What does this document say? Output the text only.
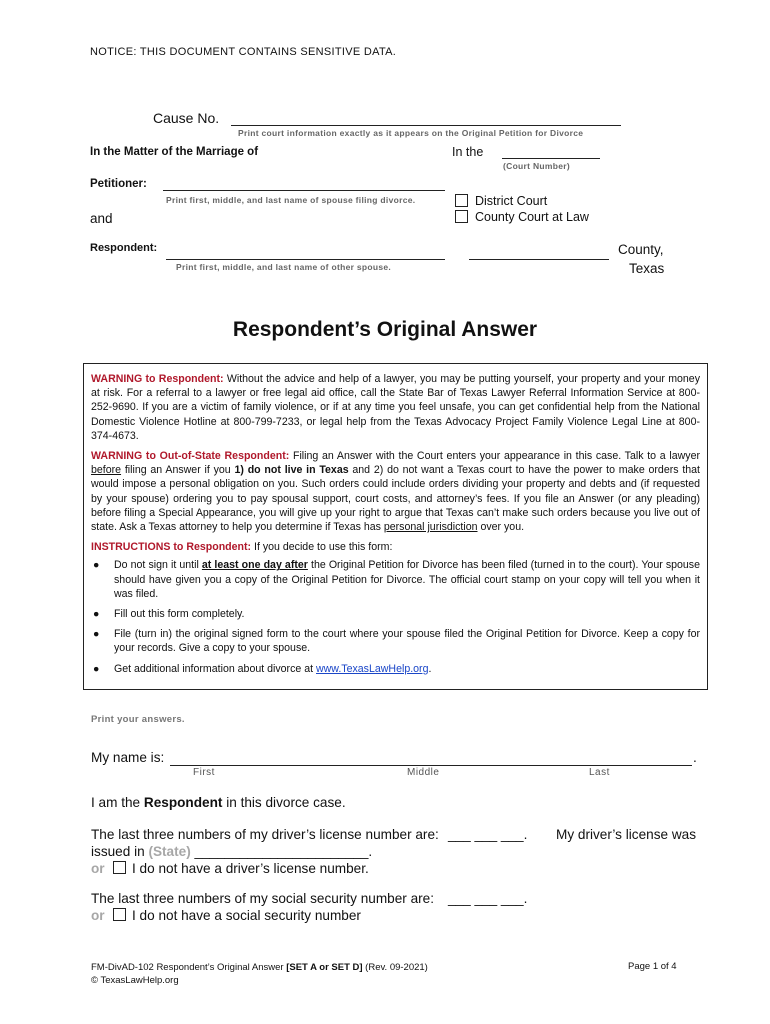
NOTICE: THIS DOCUMENT CONTAINS SENSITIVE DATA.
Cause No.
Print court information exactly as it appears on the Original Petition for Divorce
In the Matter of the Marriage of	In the
(Court Number)
Petitioner:
Print first, middle, and last name of spouse filing divorce.	District Court
County Court at Law
and
Respondent:
Print first, middle, and last name of other spouse.
County,
Texas
Respondent’s Original Answer

WARNING to Respondent: Without the advice and help of a lawyer, you may be putting yourself, your property and your money at risk. For a referral to a lawyer or free legal aid office, call the State Bar of Texas Lawyer Referral Information Service at 800-252-9690. If you are a victim of family violence, or if at any time you feel unsafe, you can get confidential help from the National Domestic Violence Hotline at 800-799-7233, or legal help from the Texas Advocacy Project Family Violence Legal Line at 800-374-4673.

WARNING to Out-of-State Respondent: Filing an Answer with the Court enters your appearance in this case. Talk to a lawyer before filing an Answer if you 1) do not live in Texas and 2) do not want a Texas court to have the power to make orders that would impose a personal obligation on you. Such orders could include orders dividing your property and debts and (if requested by your spouse) ordering you to pay spousal support, court costs, and attorney’s fees. If you file an Answer (or any pleading) before filing a Special Appearance, you will give up your right to argue that Texas can’t make such orders because you live out of state. Ask a Texas attorney to help you determine if Texas has personal jurisdiction over you.

INSTRUCTIONS to Respondent: If you decide to use this form:

● Do not sign it until at least one day after the Original Petition for Divorce has been filed (turned in to the court). Your spouse should have given you a copy of the Original Petition for Divorce. The official court stamp on your copy will tell you when it was filed.
● Fill out this form completely.
● File (turn in) the original signed form to the court where your spouse filed the Original Petition for Divorce. Keep a copy for your records. Give a copy to your spouse.
● Get additional information about divorce at www.TexasLawHelp.org.
Print your answers.
My name is:	.
First	Middle	Last
I am the Respondent in this divorce case.
The last three numbers of my driver’s license number are: ___ ___ ___. My driver’s license was
issued in (State) _______________________.
or I do not have a driver’s license number.
The last three numbers of my social security number are: ___ ___ ___.
or I do not have a social security number
FM-DivAD-102 Respondent’s Original Answer [SET A or SET D] (Rev. 09-2021)
© TexasLawHelp.org
Page 1 of 4
